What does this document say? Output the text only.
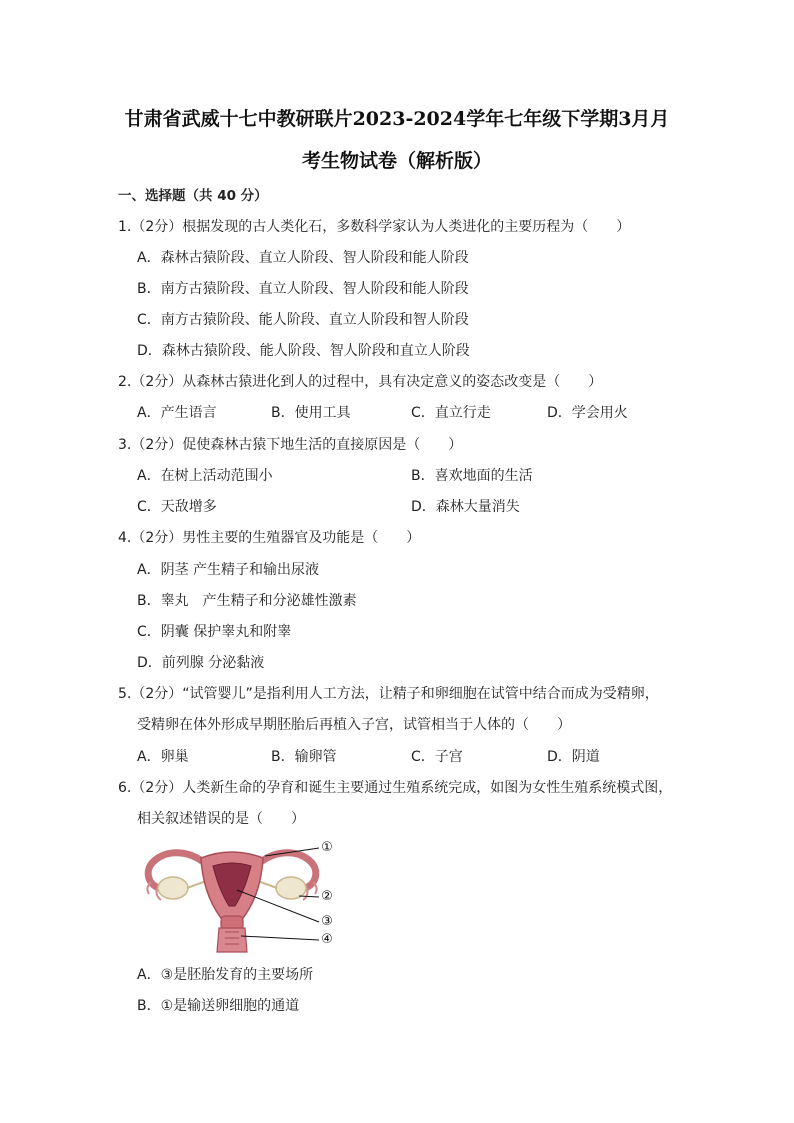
甘肃省武威十七中教研联片2023-2024学年七年级下学期3月月
考生物试卷（解析版）
一、选择题（共 40 分）
1.（2分）根据发现的古人类化石，多数科学家认为人类进化的主要历程为（　　）
A．森林古猿阶段、直立人阶段、智人阶段和能人阶段
B．南方古猿阶段、直立人阶段、智人阶段和能人阶段
C．南方古猿阶段、能人阶段、直立人阶段和智人阶段
D．森林古猿阶段、能人阶段、智人阶段和直立人阶段
2.（2分）从森林古猿进化到人的过程中，具有决定意义的姿态改变是（　　）
A．产生语言	B．使用工具	C．直立行走	D．学会用火
3.（2分）促使森林古猿下地生活的直接原因是（　　）
A．在树上活动范围小	B．喜欢地面的生活
C．天敌增多	D．森林大量消失
4.（2分）男性主要的生殖器官及功能是（　　）
A．阴茎 产生精子和输出尿液
B．睾丸　产生精子和分泌雄性激素
C．阴囊 保护睾丸和附睾
D．前列腺 分泌黏液
5.（2分）“试管婴儿”是指利用人工方法，让精子和卵细胞在试管中结合而成为受精卵，
受精卵在体外形成早期胚胎后再植入子宫，试管相当于人体的（　　）
A．卵巢	B．输卵管	C．子宫	D．阴道
6.（2分）人类新生命的孕育和诞生主要通过生殖系统完成，如图为女性生殖系统模式图，
相关叙述错误的是（　　）
①
②
③
④
A．③是胚胎发育的主要场所
B．①是输送卵细胞的通道
